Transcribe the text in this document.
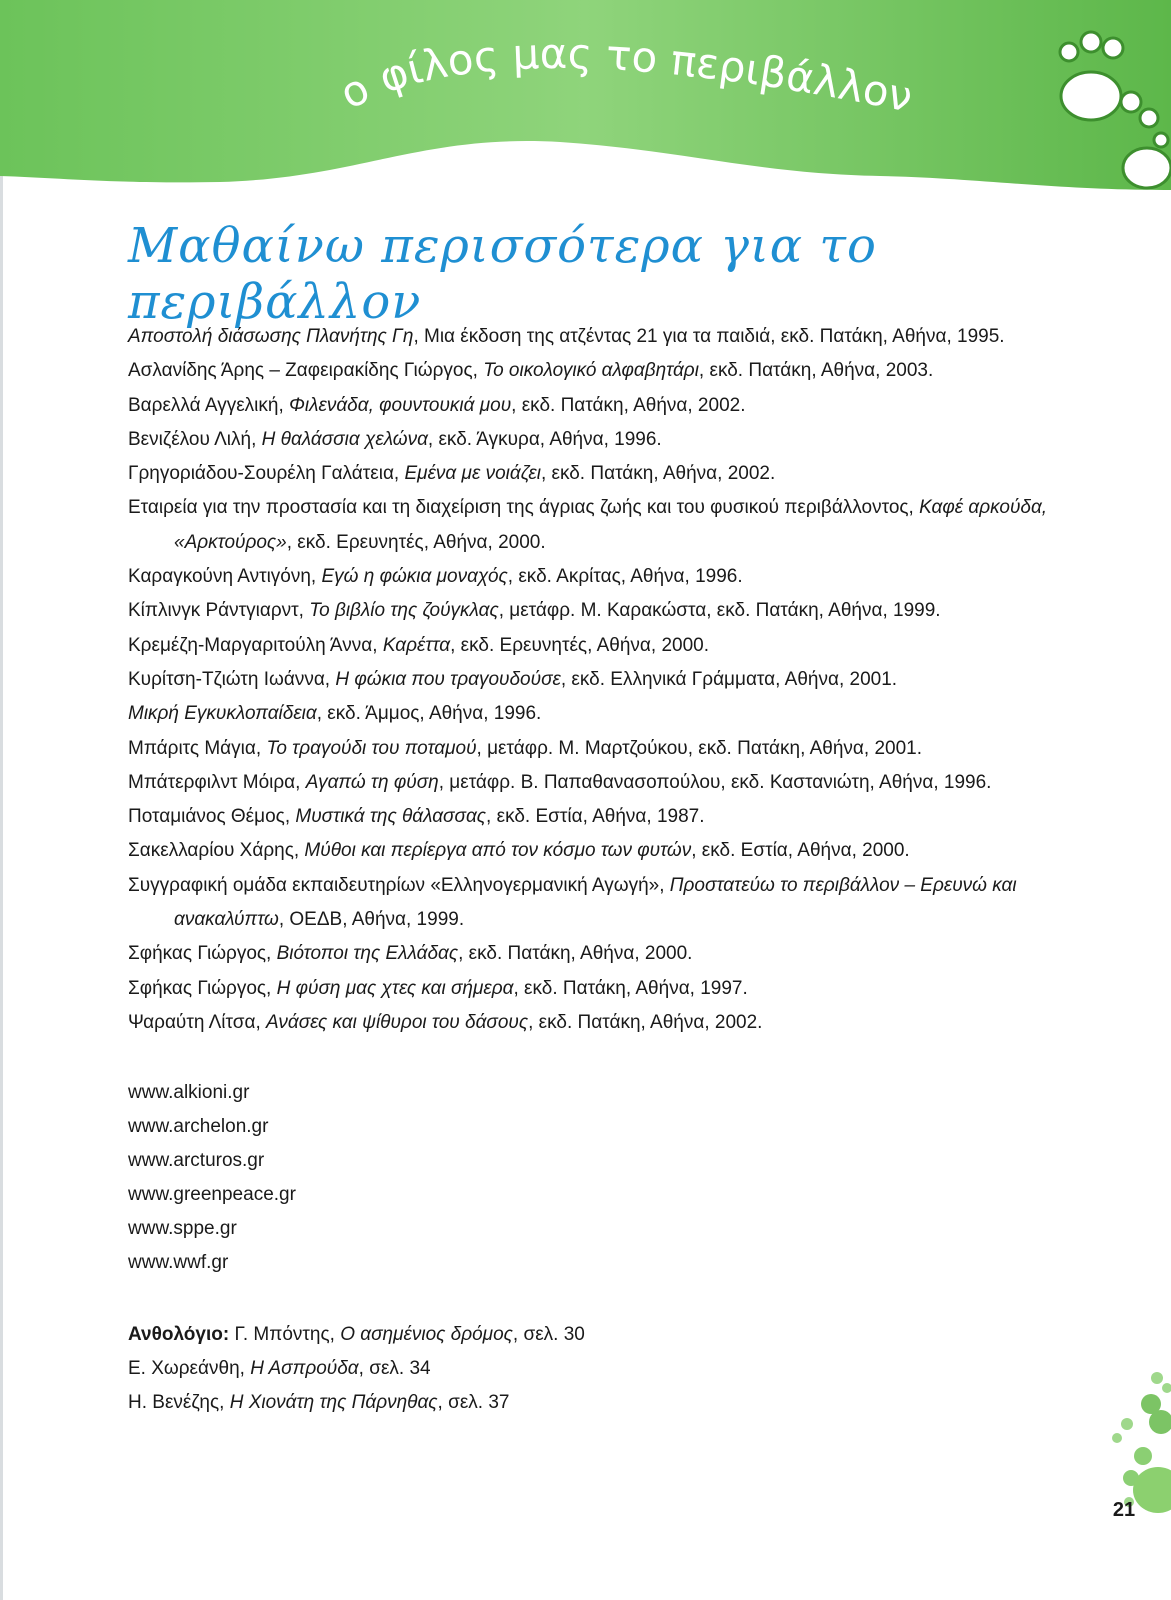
ο φίλος μας το περιβάλλον
Μαθαίνω περισσότερα για το περιβάλλον
Αποστολή διάσωσης Πλανήτης Γη, Μια έκδοση της ατζέντας 21 για τα παιδιά, εκδ. Πατάκη, Αθήνα, 1995.
Ασλανίδης Άρης – Ζαφειρακίδης Γιώργος, Το οικολογικό αλφαβητάρι, εκδ. Πατάκη, Αθήνα, 2003.
Βαρελλά Αγγελική, Φιλενάδα, φουντουκιά μου, εκδ. Πατάκη, Αθήνα, 2002.
Βενιζέλου Λιλή, Η θαλάσσια χελώνα, εκδ. Άγκυρα, Αθήνα, 1996.
Γρηγοριάδου-Σουρέλη Γαλάτεια, Εμένα με νοιάζει, εκδ. Πατάκη, Αθήνα, 2002.
Εταιρεία για την προστασία και τη διαχείριση της άγριας ζωής και του φυσικού περιβάλλοντος, Καφέ αρκούδα, «Αρκτούρος», εκδ. Ερευνητές, Αθήνα, 2000.
Καραγκούνη Αντιγόνη, Εγώ η φώκια μοναχός, εκδ. Ακρίτας, Αθήνα, 1996.
Κίπλινγκ Ράντγιαρντ, Το βιβλίο της ζούγκλας, μετάφρ. Μ. Καρακώστα, εκδ. Πατάκη, Αθήνα, 1999.
Κρεμέζη-Μαργαριτούλη Άννα, Καρέττα, εκδ. Ερευνητές, Αθήνα, 2000.
Κυρίτση-Τζιώτη Ιωάννα, Η φώκια που τραγουδούσε, εκδ. Ελληνικά Γράμματα, Αθήνα, 2001.
Μικρή Εγκυκλοπαίδεια, εκδ. Άμμος, Αθήνα, 1996.
Μπάριτς Μάγια, Το τραγούδι του ποταμού, μετάφρ. Μ. Μαρτζούκου, εκδ. Πατάκη, Αθήνα, 2001.
Μπάτερφιλντ Μόιρα, Αγαπώ τη φύση, μετάφρ. Β. Παπαθανασοπούλου, εκδ. Καστανιώτη, Αθήνα, 1996.
Ποταμιάνος Θέμος, Μυστικά της θάλασσας, εκδ. Εστία, Αθήνα, 1987.
Σακελλαρίου Χάρης, Μύθοι και περίεργα από τον κόσμο των φυτών, εκδ. Εστία, Αθήνα, 2000.
Συγγραφική ομάδα εκπαιδευτηρίων «Ελληνογερμανική Αγωγή», Προστατεύω το περιβάλλον – Ερευνώ και ανακαλύπτω, ΟΕΔΒ, Αθήνα, 1999.
Σφήκας Γιώργος, Βιότοποι της Ελλάδας, εκδ. Πατάκη, Αθήνα, 2000.
Σφήκας Γιώργος, Η φύση μας χτες και σήμερα, εκδ. Πατάκη, Αθήνα, 1997.
Ψαραύτη Λίτσα, Ανάσες και ψίθυροι του δάσους, εκδ. Πατάκη, Αθήνα, 2002.
www.alkioni.gr
www.archelon.gr
www.arcturos.gr
www.greenpeace.gr
www.sppe.gr
www.wwf.gr
Ανθολόγιο: Γ. Μπόντης, Ο ασημένιος δρόμος, σελ. 30
Ε. Χωρεάνθη, Η Ασπρούδα, σελ. 34
Η. Βενέζης, Η Χιονάτη της Πάρνηθας, σελ. 37
21
